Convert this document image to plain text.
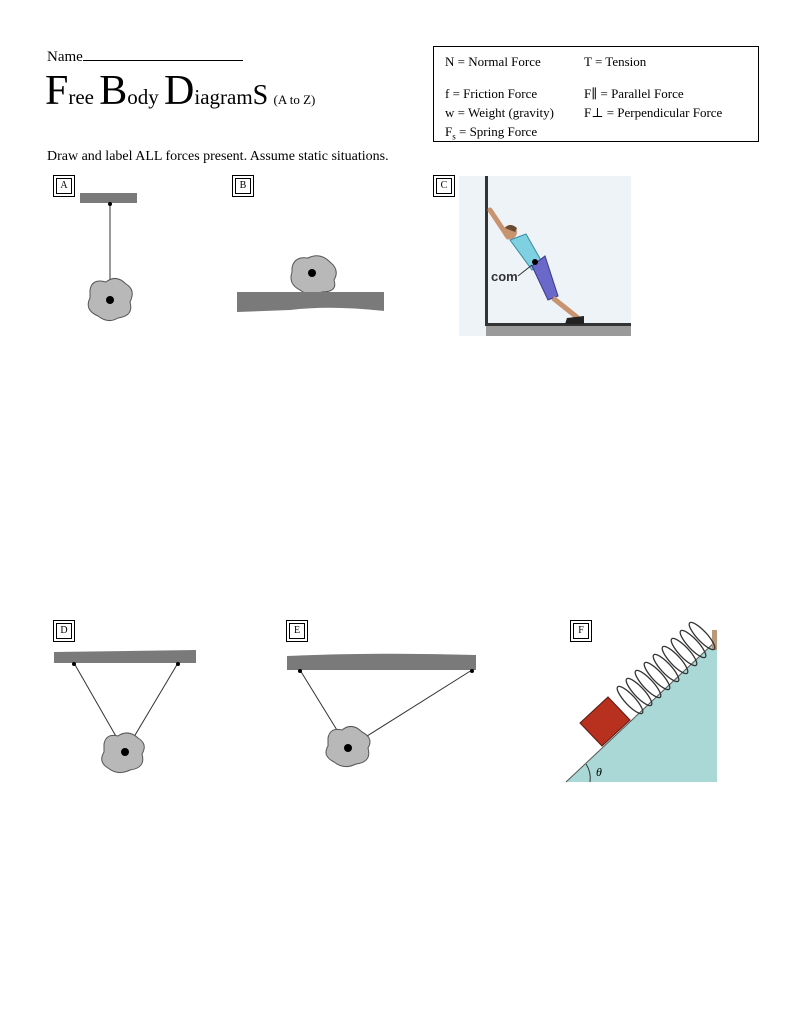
Name
Free Body DiagramS (A to Z)
N = Normal Force	T = Tension
f = Friction Force	F∥ = Parallel Force
w = Weight (gravity) F⊥ = Perpendicular Force
$F_s$ = Spring Force
Draw and label ALL forces present. Assume static situations.
A	B	C
D	E	F
com
θ
